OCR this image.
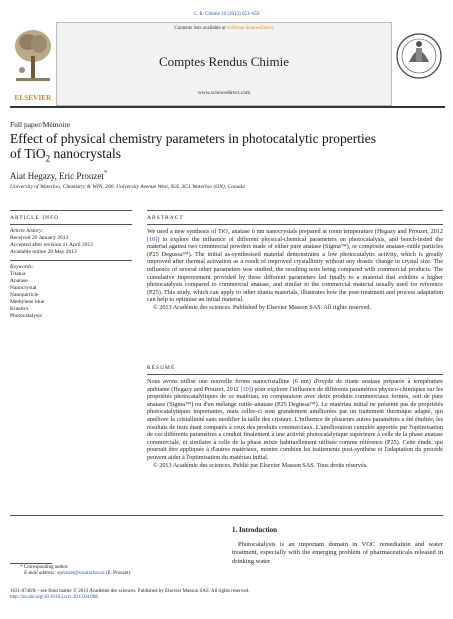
C. R. Chimie 16 (2013) 651–659
ELSEVIER
Contents lists available at SciVerse ScienceDirect
Comptes Rendus Chimie
www.sciencedirect.com
Full paper/Mémoire
Effect of physical chemistry parameters in photocatalytic properties
of TiO$_2$ nanocrystals
Aiat Hegazy, Eric Prouzet*
University of Waterloo, Chemistry & WIN, 200, University Avenue West, N2L 3G1 Waterloo (ON), Canada
ARTICLE INFO
Article history:
Received 29 January 2013
Accepted after revision 11 April 2013
Available online 28 May 2013
Keywords:
Titania
Anatase
Nanocrystal
Nanoparticle
Methylene blue
Kinetics
Photocatalysis
ABSTRACT

We used a new synthesis of TiO₂ anatase 6 nm nanocrystals prepared at room temperature (Hegazy and Prouzet, 2012 [10]) to explore the influence of different physical-chemical parameters on photocatalysis, and bench-tested the material against two commercial powders made of either pure anatase (Sigma™), or composite anatase–rutile particles (P25 Degussa™). The initial as-synthesised material demonstrates a low photocatalytic activity, which is greatly improved after thermal activation as a result of improved crystallinity without any drastic change in crystal size. The influence of several other parameters was studied, the resulting tests being compared with commercial products. The cumulative improvement provided by these different parameters led finally to a material that exhibits a higher photocatalysis compared to commercial anatase, and similar to the commercial material usually used for reference (P25). This study, which can apply to other titania materials, illustrates how the post-treatment and process adaptation can help to optimise an initial material.

© 2013 Académie des sciences. Published by Elsevier Masson SAS. All rights reserved.

RÉSUMÉ

Nous avons utilisé une nouvelle forme nanocristalline (6 nm) d'oxyde de titane anatase préparée à température ambiante (Hegazy and Prouzet, 2012 [10]) pour explorer l'influence de différents paramètres physico-chimiques sur les propriétés photocatalytiques de ce matériau, en comparaison avec deux produits commerciaux formés, soit de pure anatase (Sigma™) ou d'un mélange rutile–anatase (P25 Degussa™). Le matériau initial ne présente pas de propriétés photocatalytiques importantes, mais celles-ci sont grandement améliorées par un traitement thermique adapté, qui améliore la cristallinité sans modifier la taille des cristaux. L'influence de plusieurs autres paramètres a été étudiée, les résultats de tests étant comparés à ceux des produits commerciaux. L'amélioration cumulée apportée par l'optimisation de ces différents paramètres a conduit finalement à une activité photocatalytique supérieure à celle de la phase anatase commerciale, et similaire à celle de la phase mixte habituellement utilisée comme référence (P25). Cette étude, qui pourrait être appliquée à d'autres matériaux, montre combien les traitements post-synthèse et l'adaptation du procédé peuvent aider à l'optimisation du matériau initial.

© 2013 Académie des sciences. Publié par Elsevier Masson SAS. Tous droits réservés.

1. Introduction
Photocatalysis is an important domain in VOC remediation and water treatment, especially with the emerging problem of pharmaceuticals released in drinking water
* Corresponding author.
E-mail address: eprouzet@uwaterloo.ca (E. Prouzet).
1631-0748/$ – see front matter © 2013 Académie des sciences. Published by Elsevier Masson SAS. All rights reserved.
http://dx.doi.org/10.1016/j.crci.2013.04.008
